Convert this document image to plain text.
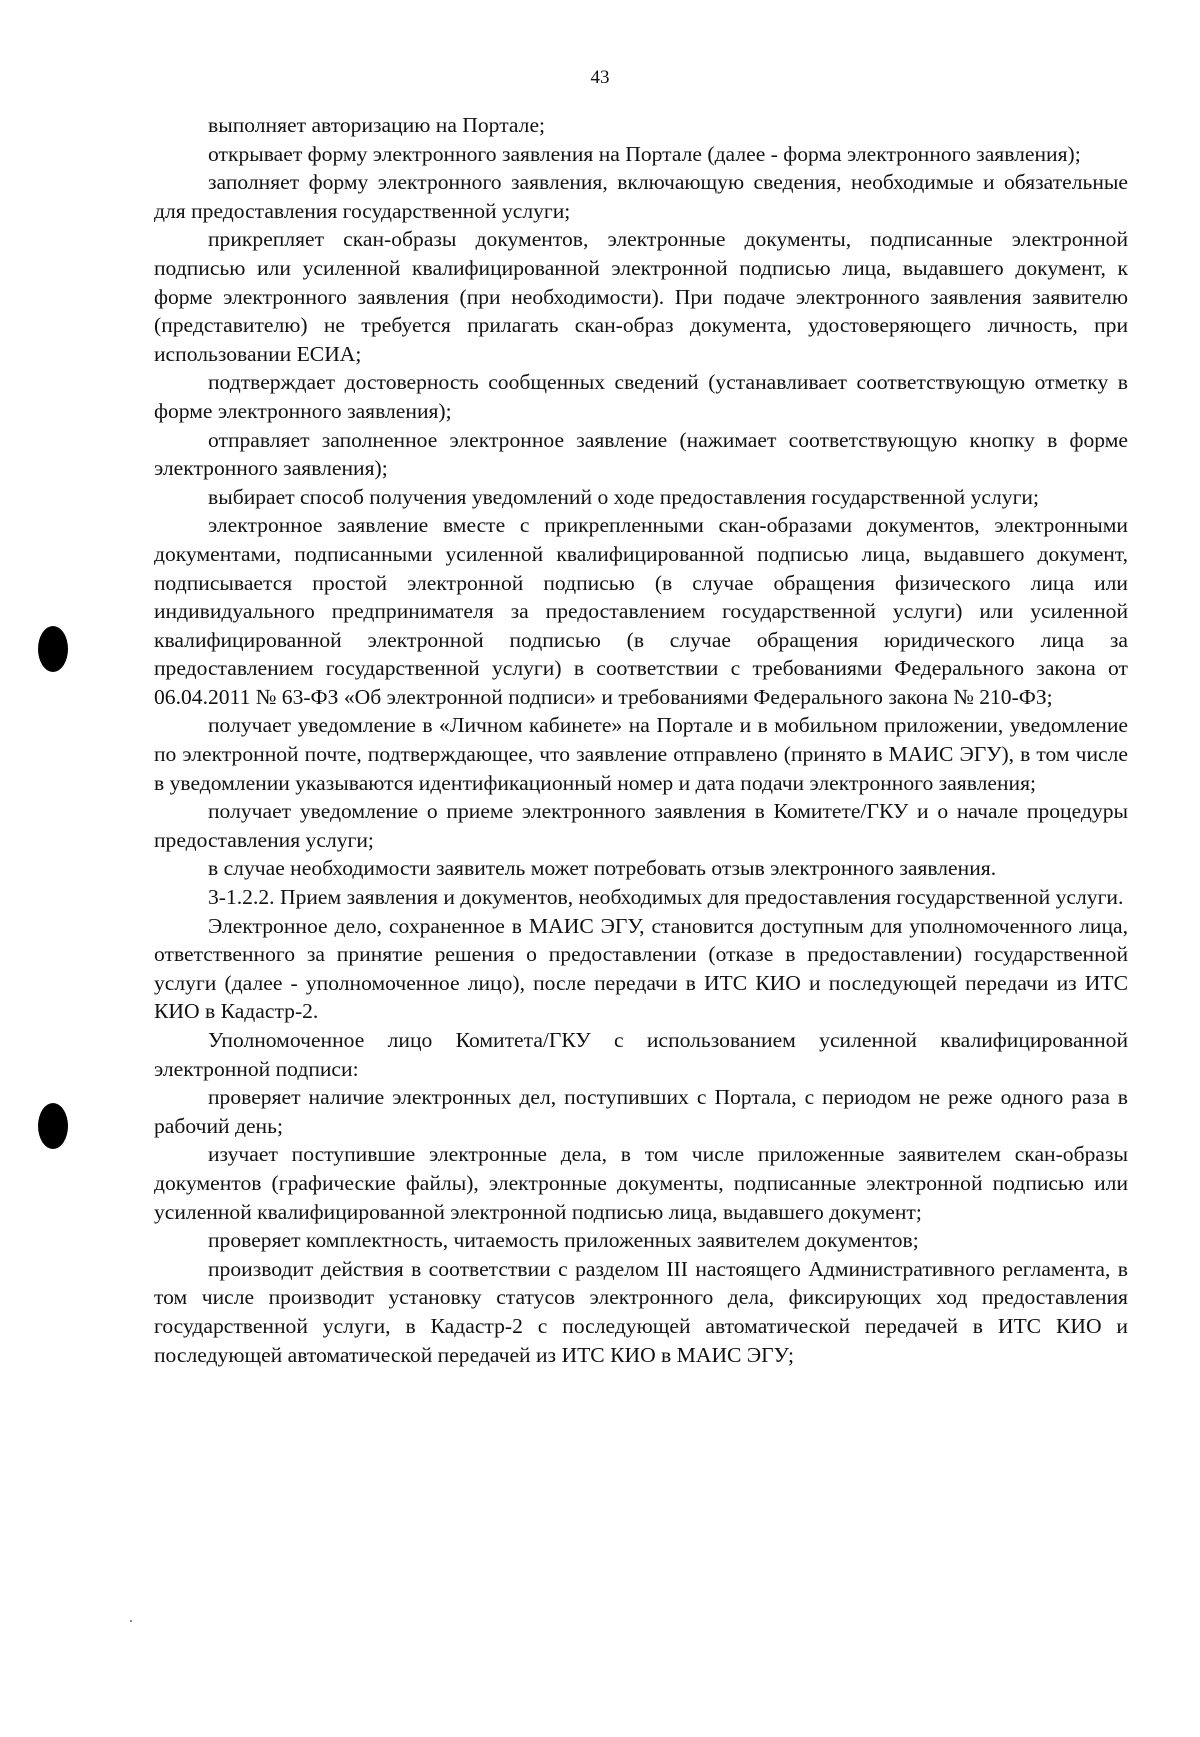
43

выполняет авторизацию на Портале;

открывает форму электронного заявления на Портале (далее - форма электронного заявления);

заполняет форму электронного заявления, включающую сведения, необходимые и обязательные для предоставления государственной услуги;

прикрепляет скан-образы документов, электронные документы, подписанные электронной подписью или усиленной квалифицированной электронной подписью лица, выдавшего документ, к форме электронного заявления (при необходимости). При подаче электронного заявления заявителю (представителю) не требуется прилагать скан-образ документа, удостоверяющего личность, при использовании ЕСИА;

подтверждает достоверность сообщенных сведений (устанавливает соответствующую отметку в форме электронного заявления);

отправляет заполненное электронное заявление (нажимает соответствующую кнопку в форме электронного заявления);

выбирает способ получения уведомлений о ходе предоставления государственной услуги;

электронное заявление вместе с прикрепленными скан-образами документов, электронными документами, подписанными усиленной квалифицированной подписью лица, выдавшего документ, подписывается простой электронной подписью (в случае обращения физического лица или индивидуального предпринимателя за предоставлением государственной услуги) или усиленной квалифицированной электронной подписью (в случае обращения юридического лица за предоставлением государственной услуги) в соответствии с требованиями Федерального закона от 06.04.2011 № 63-ФЗ «Об электронной подписи» и требованиями Федерального закона № 210-ФЗ;

получает уведомление в «Личном кабинете» на Портале и в мобильном приложении, уведомление по электронной почте, подтверждающее, что заявление отправлено (принято в МАИС ЭГУ), в том числе в уведомлении указываются идентификационный номер и дата подачи электронного заявления;

получает уведомление о приеме электронного заявления в Комитете/ГКУ и о начале процедуры предоставления услуги;

в случае необходимости заявитель может потребовать отзыв электронного заявления.

3-1.2.2. Прием заявления и документов, необходимых для предоставления государственной услуги.

Электронное дело, сохраненное в МАИС ЭГУ, становится доступным для уполномоченного лица, ответственного за принятие решения о предоставлении (отказе в предоставлении) государственной услуги (далее - уполномоченное лицо), после передачи в ИТС КИО и последующей передачи из ИТС КИО в Кадастр-2.

Уполномоченное лицо Комитета/ГКУ с использованием усиленной квалифицированной электронной подписи:

проверяет наличие электронных дел, поступивших с Портала, с периодом не реже одного раза в рабочий день;

изучает поступившие электронные дела, в том числе приложенные заявителем скан-образы документов (графические файлы), электронные документы, подписанные электронной подписью или усиленной квалифицированной электронной подписью лица, выдавшего документ;

проверяет комплектность, читаемость приложенных заявителем документов;

производит действия в соответствии с разделом III настоящего Административного регламента, в том числе производит установку статусов электронного дела, фиксирующих ход предоставления государственной услуги, в Кадастр-2 с последующей автоматической передачей в ИТС КИО и последующей автоматической передачей из ИТС КИО в МАИС ЭГУ;
